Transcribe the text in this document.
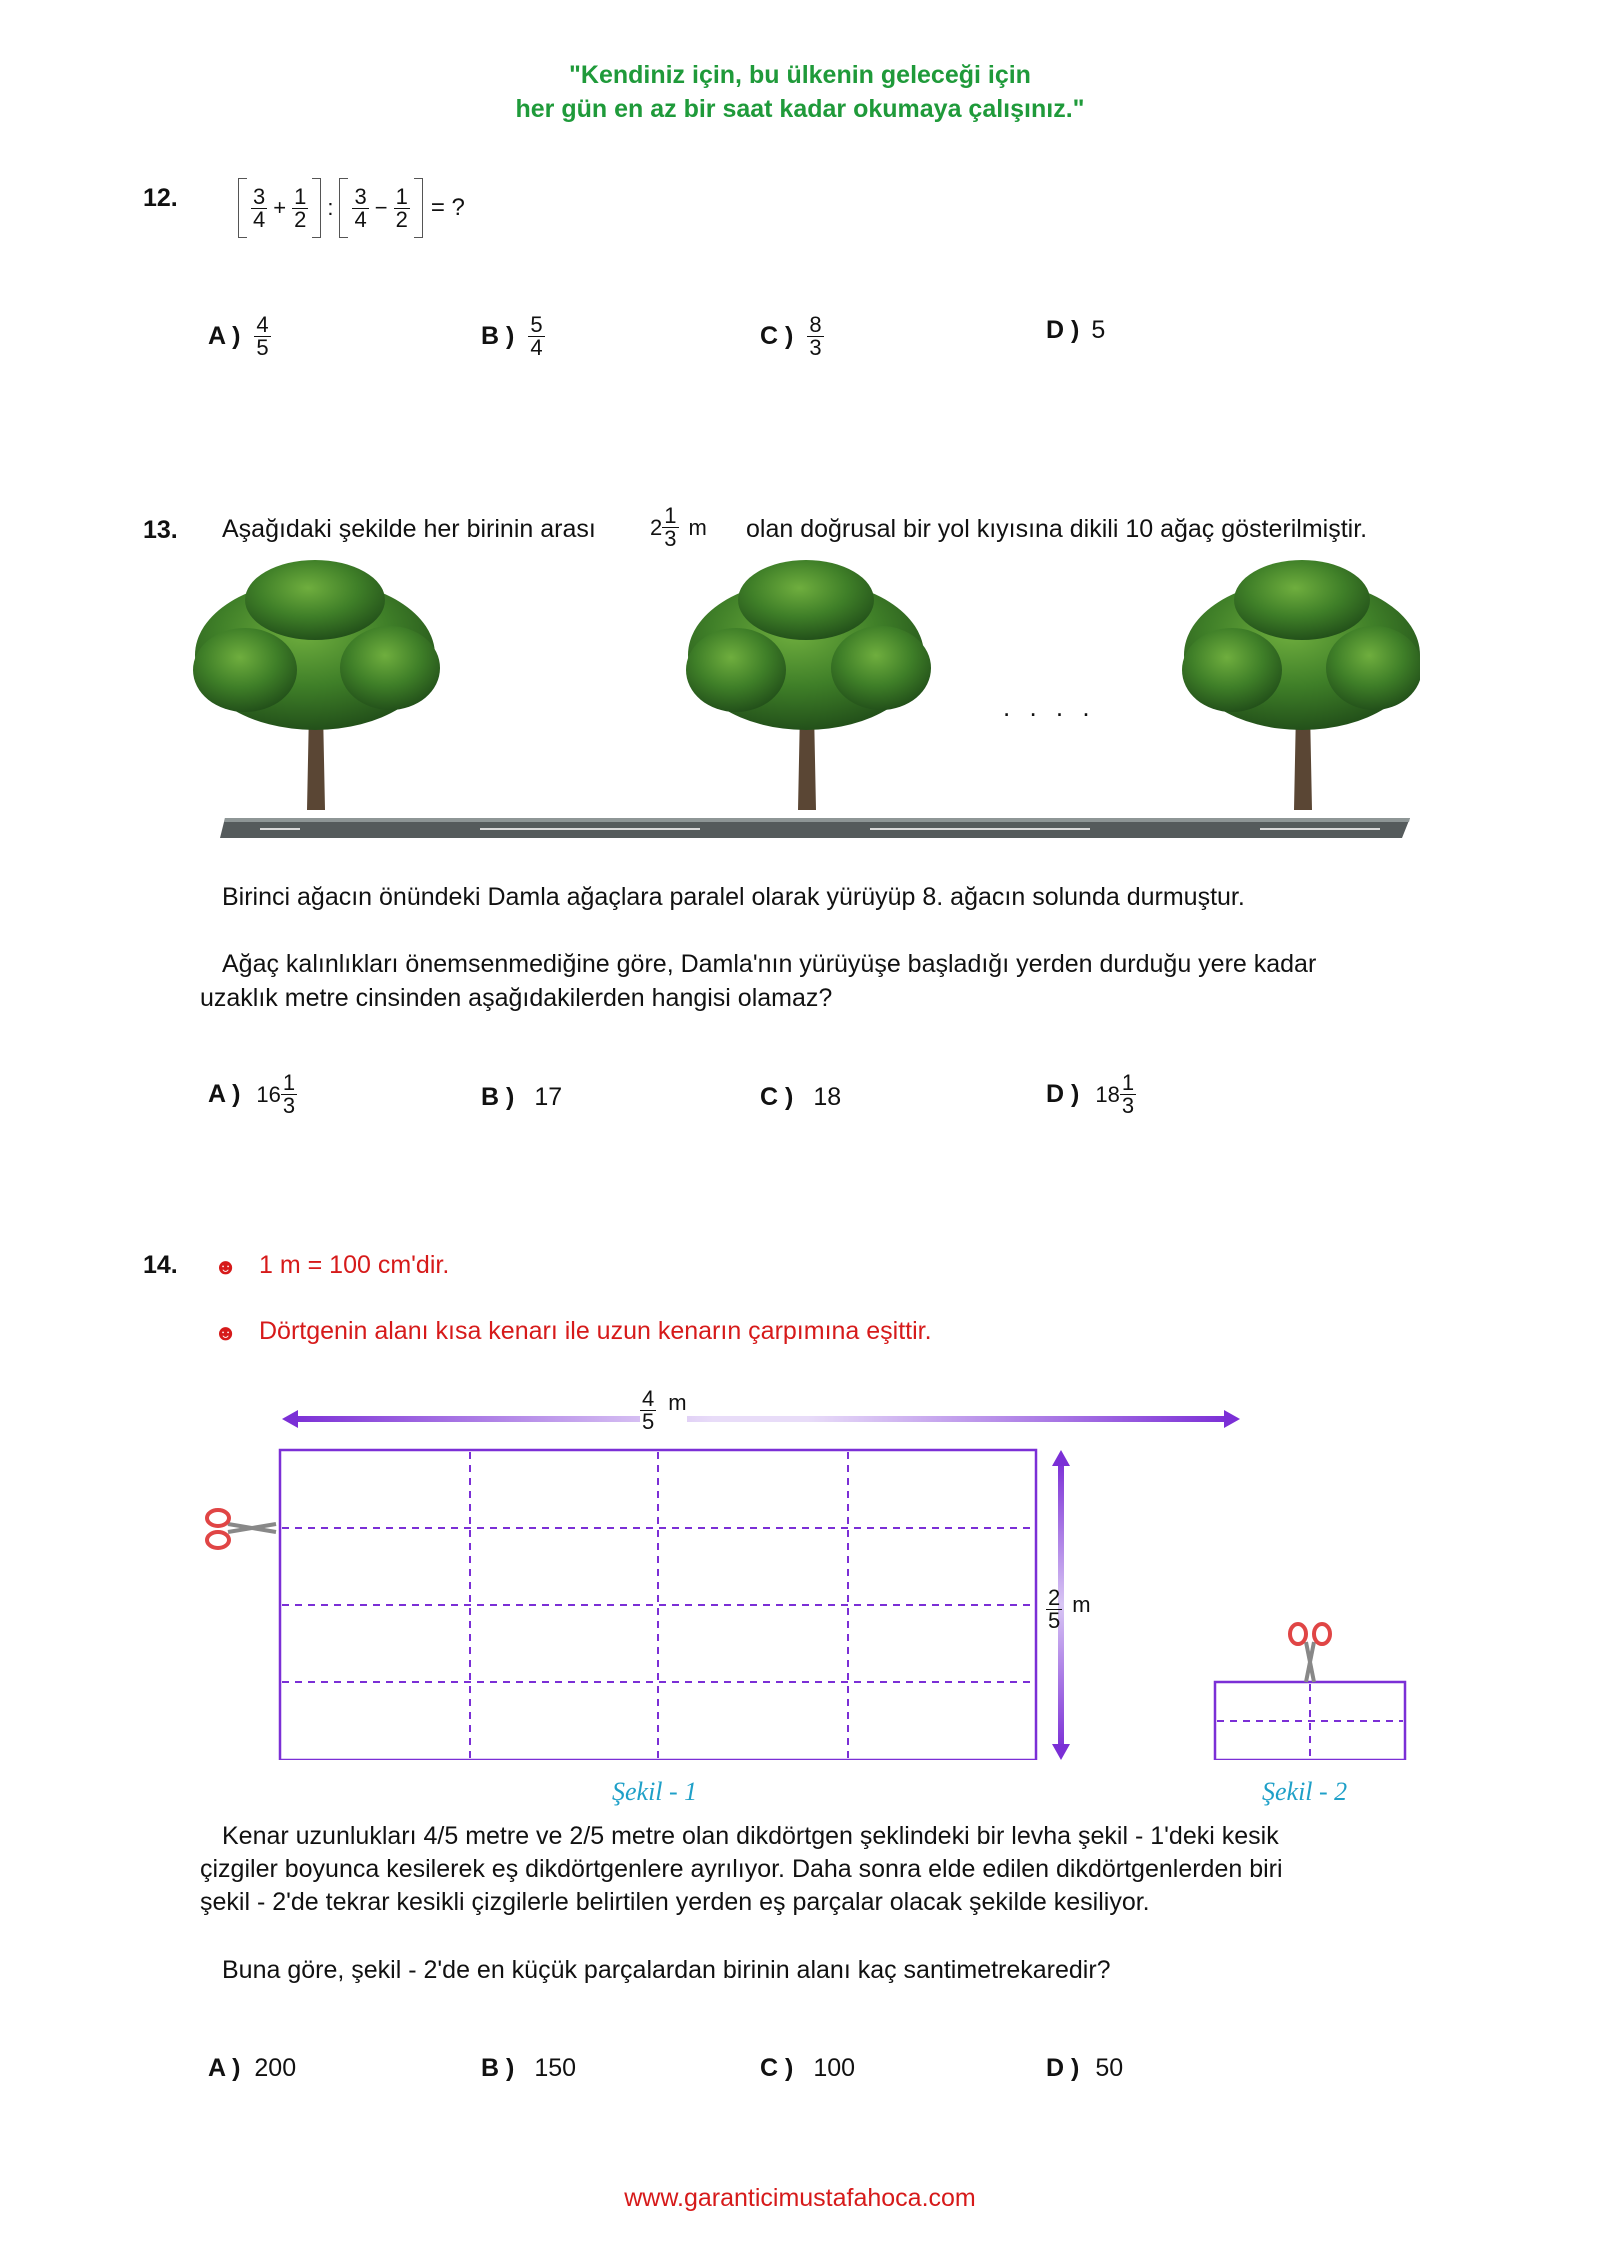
"Kendiniz için, bu ülkenin geleceği için
her gün en az bir saat kadar okumaya çalışınız."
12.	$\frac{3}{4} + \frac{1}{2}$ : $\frac{3}{4} - \frac{1}{2}$ = ?
A ) $\frac{4}{5}$	B ) $\frac{5}{4}$	C ) $\frac{8}{3}$	D ) 5
13. Aşağıdaki şekilde her birinin arası $2 \frac{1}{3}$ m olan doğrusal bir yol kıyısına dikili 10 ağaç gösterilmiştir.
. . . .
Birinci ağacın önündeki Damla ağaçlara paralel olarak yürüyüp 8. ağacın solunda durmuştur.
Ağaç kalınlıkları önemsenmediğine göre, Damla'nın yürüyüşe başladığı yerden durduğu yere kadar
uzaklık metre cinsinden aşağıdakilerden hangisi olamaz?
A ) $16 \frac{1}{3}$	B ) 17	C ) 18	D ) $18 \frac{1}{3}$
14. ☻ 1 m = 100 cm'dir.
☻ Dörtgenin alanı kısa kenarı ile uzun kenarın çarpımına eşittir.
$\frac{4}{5}$ m
$\frac{2}{5}$ m
Şekil - 1	Şekil - 2
Kenar uzunlukları 4/5 metre ve 2/5 metre olan dikdörtgen şeklindeki bir levha şekil - 1'deki kesik
çizgiler boyunca kesilerek eş dikdörtgenlere ayrılıyor. Daha sonra elde edilen dikdörtgenlerden biri
şekil - 2'de tekrar kesikli çizgilerle belirtilen yerden eş parçalar olacak şekilde kesiliyor.
Buna göre, şekil - 2'de en küçük parçalardan birinin alanı kaç santimetrekaredir?
A ) 200	B ) 150	C ) 100	D ) 50
www.garanticimustafahoca.com
